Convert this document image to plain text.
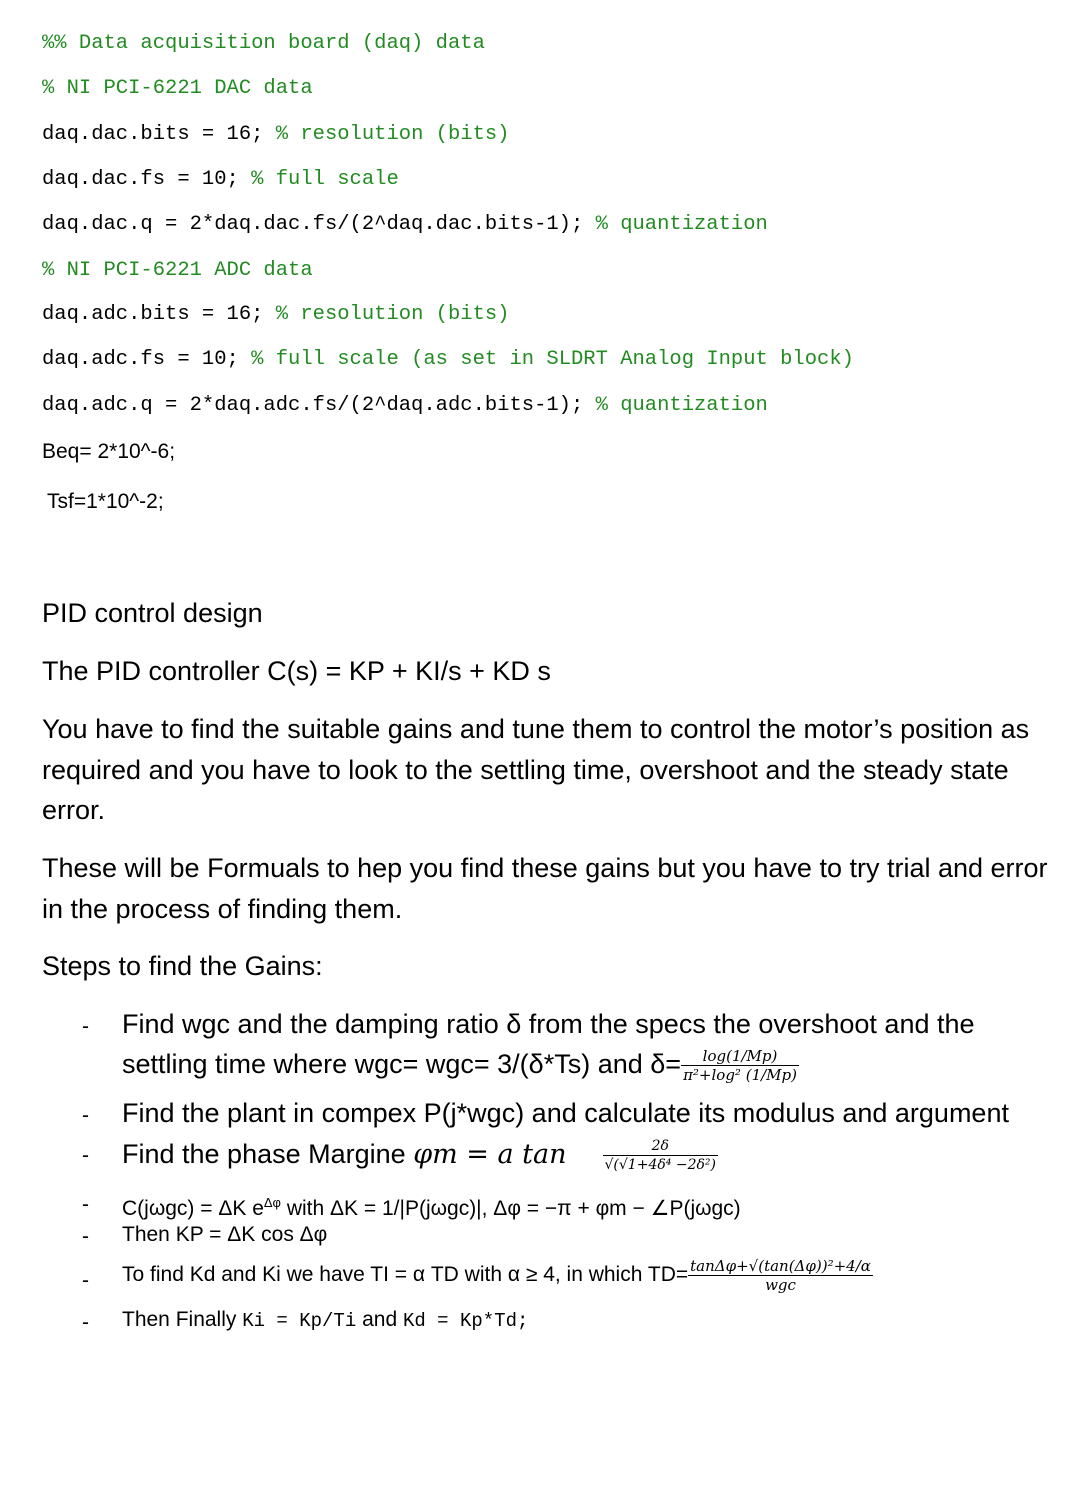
%% Data acquisition board (daq) data
% NI PCI-6221 DAC data
daq.dac.bits = 16; % resolution (bits)
daq.dac.fs = 10; % full scale
daq.dac.q = 2*daq.dac.fs/(2^daq.dac.bits-1); % quantization
% NI PCI-6221 ADC data
daq.adc.bits = 16; % resolution (bits)
daq.adc.fs = 10; % full scale (as set in SLDRT Analog Input block)
daq.adc.q = 2*daq.adc.fs/(2^daq.adc.bits-1); % quantization
Beq= 2*10^-6;
Tsf=1*10^-2;
PID control design
The PID controller C(s) = KP + KI/s + KD s
You have to find the suitable gains and tune them to control the motor’s position as required and you have to look to the settling time, overshoot and the steady state error.
These will be Formuals to hep you find these gains but you have to try trial and error in the process of finding them.
Steps to find the Gains:
- Find wgc and the damping ratio δ from the specs the overshoot and the
settling time where wgc= wgc= 3/(δ*Ts) and $\delta= \frac{\log(1/Mp)}{\text{π²+log² (1/Mp)}}$
- Find the plant in compex P(j*wgc) and calculate its modulus and argument
- Find the phase Margine φm = a tan	$\frac{2\delta}{\text{√(√1+4δ⁴ −2δ²)}}$
- C(jωgc) = ΔK $e^{\Delta\varphi}$ with ΔK = 1/|P(jωgc)|, Δφ = −π + φm − ∠P(jωgc)
- Then KP = ΔK cos Δφ
- To find Kd and Ki we have TI = α TD with α ≥ 4, in which $TD= \frac{\text{tanΔφ+√(tan(Δφ))²+4/α}}{\text{wgc}}$
- Then Finally Ki = Kp/Ti and Kd = Kp*Td;
